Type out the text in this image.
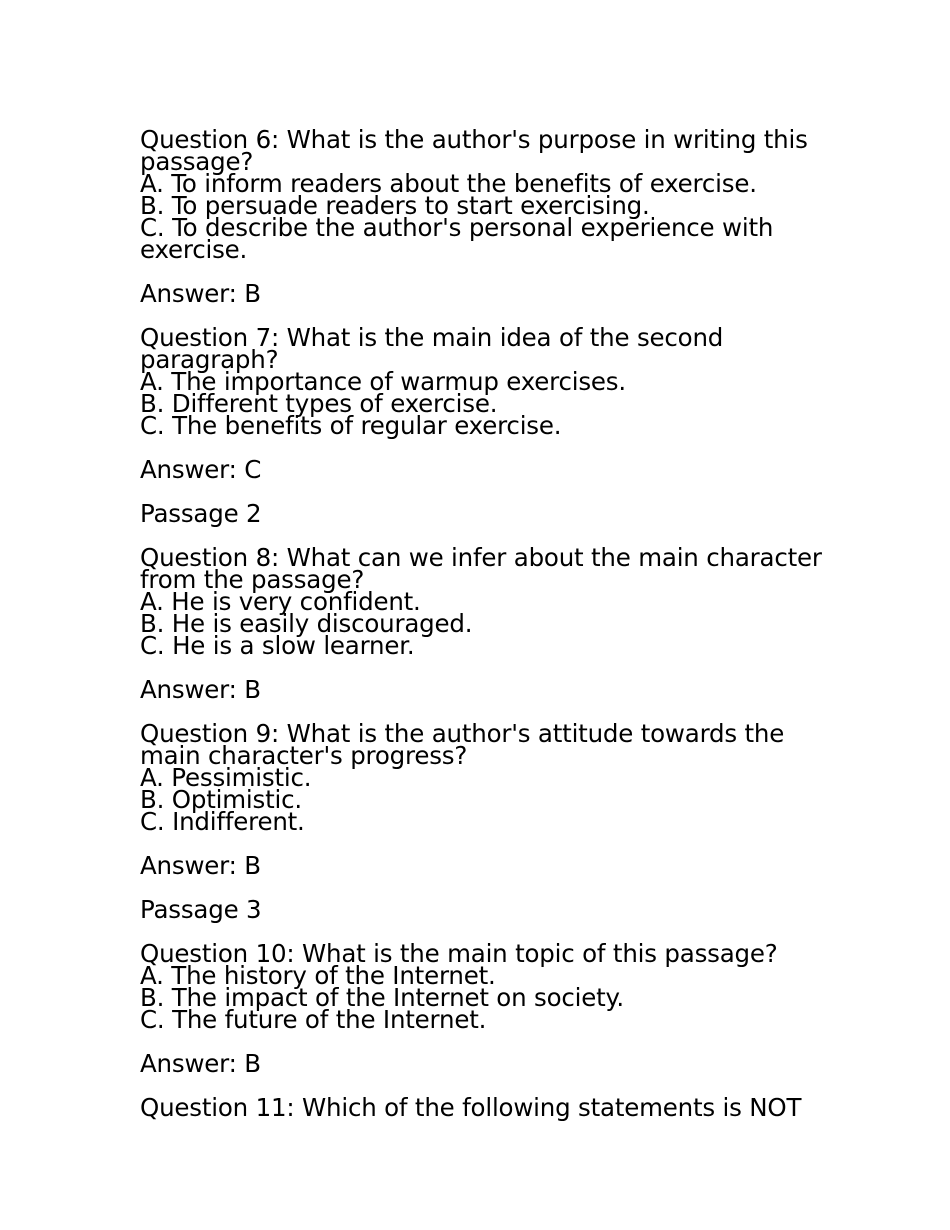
Question 6: What is the author's purpose in writing this
passage?
A. To inform readers about the benefits of exercise.
B. To persuade readers to start exercising.
C. To describe the author's personal experience with
exercise.
Answer: B
Question 7: What is the main idea of the second
paragraph?
A. The importance of warmup exercises.
B. Different types of exercise.
C. The benefits of regular exercise.
Answer: C
Passage 2
Question 8: What can we infer about the main character
from the passage?
A. He is very confident.
B. He is easily discouraged.
C. He is a slow learner.
Answer: B
Question 9: What is the author's attitude towards the
main character's progress?
A. Pessimistic.
B. Optimistic.
C. Indifferent.
Answer: B
Passage 3
Question 10: What is the main topic of this passage?
A. The history of the Internet.
B. The impact of the Internet on society.
C. The future of the Internet.
Answer: B
Question 11: Which of the following statements is NOT
